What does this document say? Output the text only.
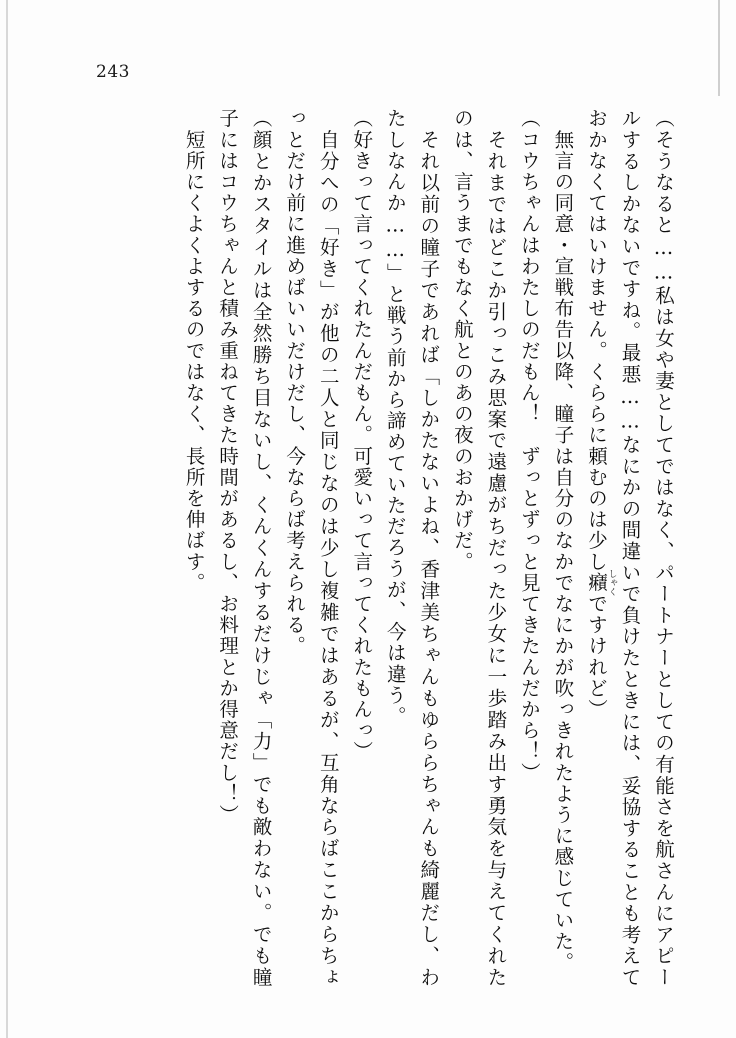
243

（そうなると……私は女や妻としてではなく、パートナーとしての有能さを航さんにアピールするしかないですね。最悪……なにかの間違いで負けたときには、妥協することも考えておかなくてはいけません。くららに頼むのは少し癪しゃくですけれど）

　無言の同意・宣戦布告以降、瞳子は自分のなかでなにかが吹っきれたように感じていた。

（コウちゃんはわたしのだもん！　ずっとずっと見てきたんだから！）

　それまではどこか引っこみ思案で遠慮がちだった少女に一歩踏み出す勇気を与えてくれたのは、言うまでもなく航とのあの夜のおかげだ。

　それ以前の瞳子であれば「しかたないよね、香津美ちゃんもゆららちゃんも綺麗だし、わたしなんか……」と戦う前から諦めていただろうが、今は違う。

（好きって言ってくれたんだもん。可愛いって言ってくれたもんっ）

　自分への「好き」が他の二人と同じなのは少し複雑ではあるが、互角ならばここからちょっとだけ前に進めばいいだけだし、今ならば考えられる。

（顔とかスタイルは全然勝ち目ないし、くんくんするだけじゃ「力」でも敵わない。でも瞳子にはコウちゃんと積み重ねてきた時間があるし、お料理とか得意だし！）

　短所にくよくよするのではなく、長所を伸ばす。
